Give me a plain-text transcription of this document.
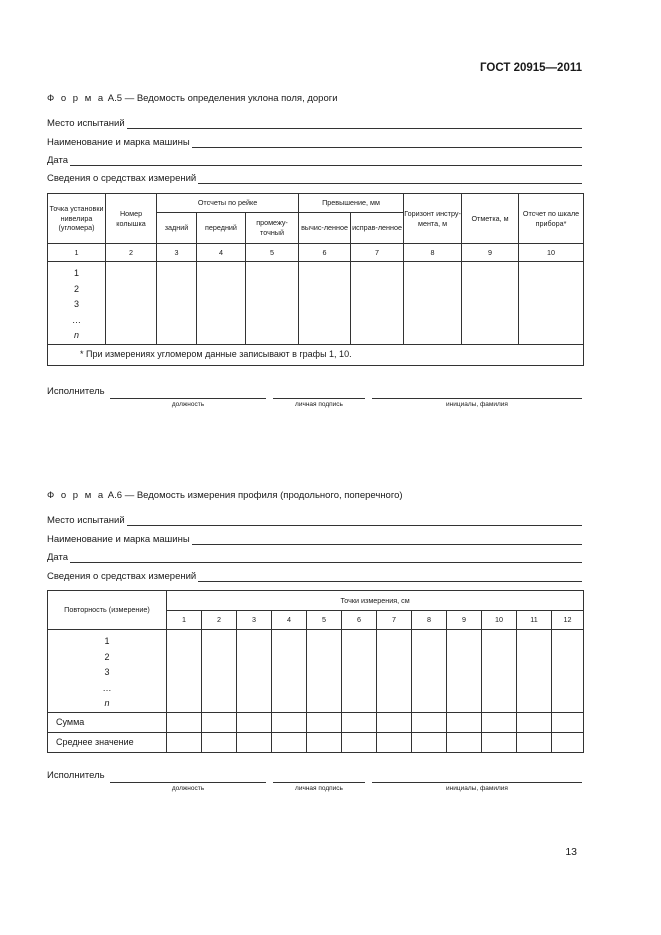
ГОСТ 20915—2011
Ф о р м а А.5 — Ведомость определения уклона поля, дороги
Место испытаний
Наименование и марка машины
Дата
Сведения о средствах измерений
Точка установки нивелира (угломера)	Номер колышка	Отсчеты по рейке			Превышение, мм		Горизонт инстру-мента, м	Отметка, м	Отсчет по шкале прибора*
		задний	передний	промежу-точный	вычис-ленное	исправ-ленное			
1	2	3	4	5	6	7	8	9	10

1
2
3
…
n									

* При измерениях угломером данные записывают в графы 1, 10.									
Исполнитель
должность	личная подпись	инициалы, фамилия
Ф о р м а А.6 — Ведомость измерения профиля (продольного, поперечного)
Место испытаний
Наименование и марка машины
Дата
Сведения о средствах измерений
Повторность (измерение)	Точки измерения, см											
	1	2	3	4	5	6	7	8	9	10	11	12

1
2
3
…
n												

Сумма												
Среднее значение												
Исполнитель
должность	личная подпись	инициалы, фамилия
13
